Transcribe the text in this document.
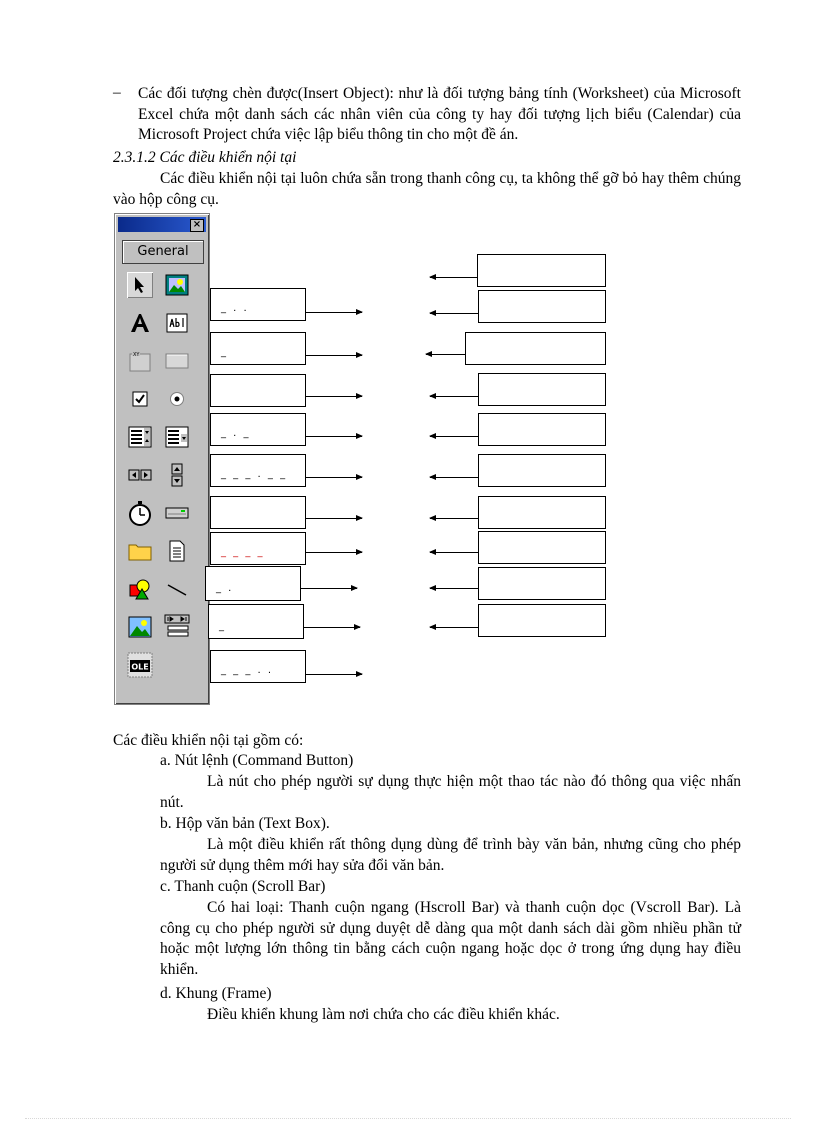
– Các đối tượng chèn được(Insert Object): như là đối tượng bảng tính (Worksheet) của Microsoft Excel chứa một danh sách các nhân viên của công ty hay đối tượng lịch biểu (Calendar) của Microsoft Project chứa việc lập biểu thông tin cho một đề án.
2.3.1.2 Các điều khiển nội tại
Các điều khiển nội tại luôn chứa sẵn trong thanh công cụ, ta không thể gỡ bỏ hay thêm chúng vào hộp công cụ.
×
General
XY
OLE
_ . .
_
_ . _
_ _ _ . _ _
_ _ _ _
_ .
_
_ _ _ . .
Các điều khiển nội tại gồm có:
a. Nút lệnh (Command Button)
Là nút cho phép người sự dụng thực hiện một thao tác nào đó thông qua việc nhấn nút.
b. Hộp văn bản (Text Box).
Là một điều khiển rất thông dụng dùng để trình bày văn bản, nhưng cũng cho phép người sử dụng thêm mới hay sửa đổi văn bản.
c. Thanh cuộn (Scroll Bar)
Có hai loại: Thanh cuộn ngang (Hscroll Bar) và thanh cuộn dọc (Vscroll Bar). Là công cụ cho phép người sử dụng duyệt dễ dàng qua một danh sách dài gồm nhiều phần tử hoặc một lượng lớn thông tin bằng cách cuộn ngang hoặc dọc ở trong ứng dụng hay điều khiển.
d. Khung (Frame)
Điều khiển khung làm nơi chứa cho các điều khiển khác.
